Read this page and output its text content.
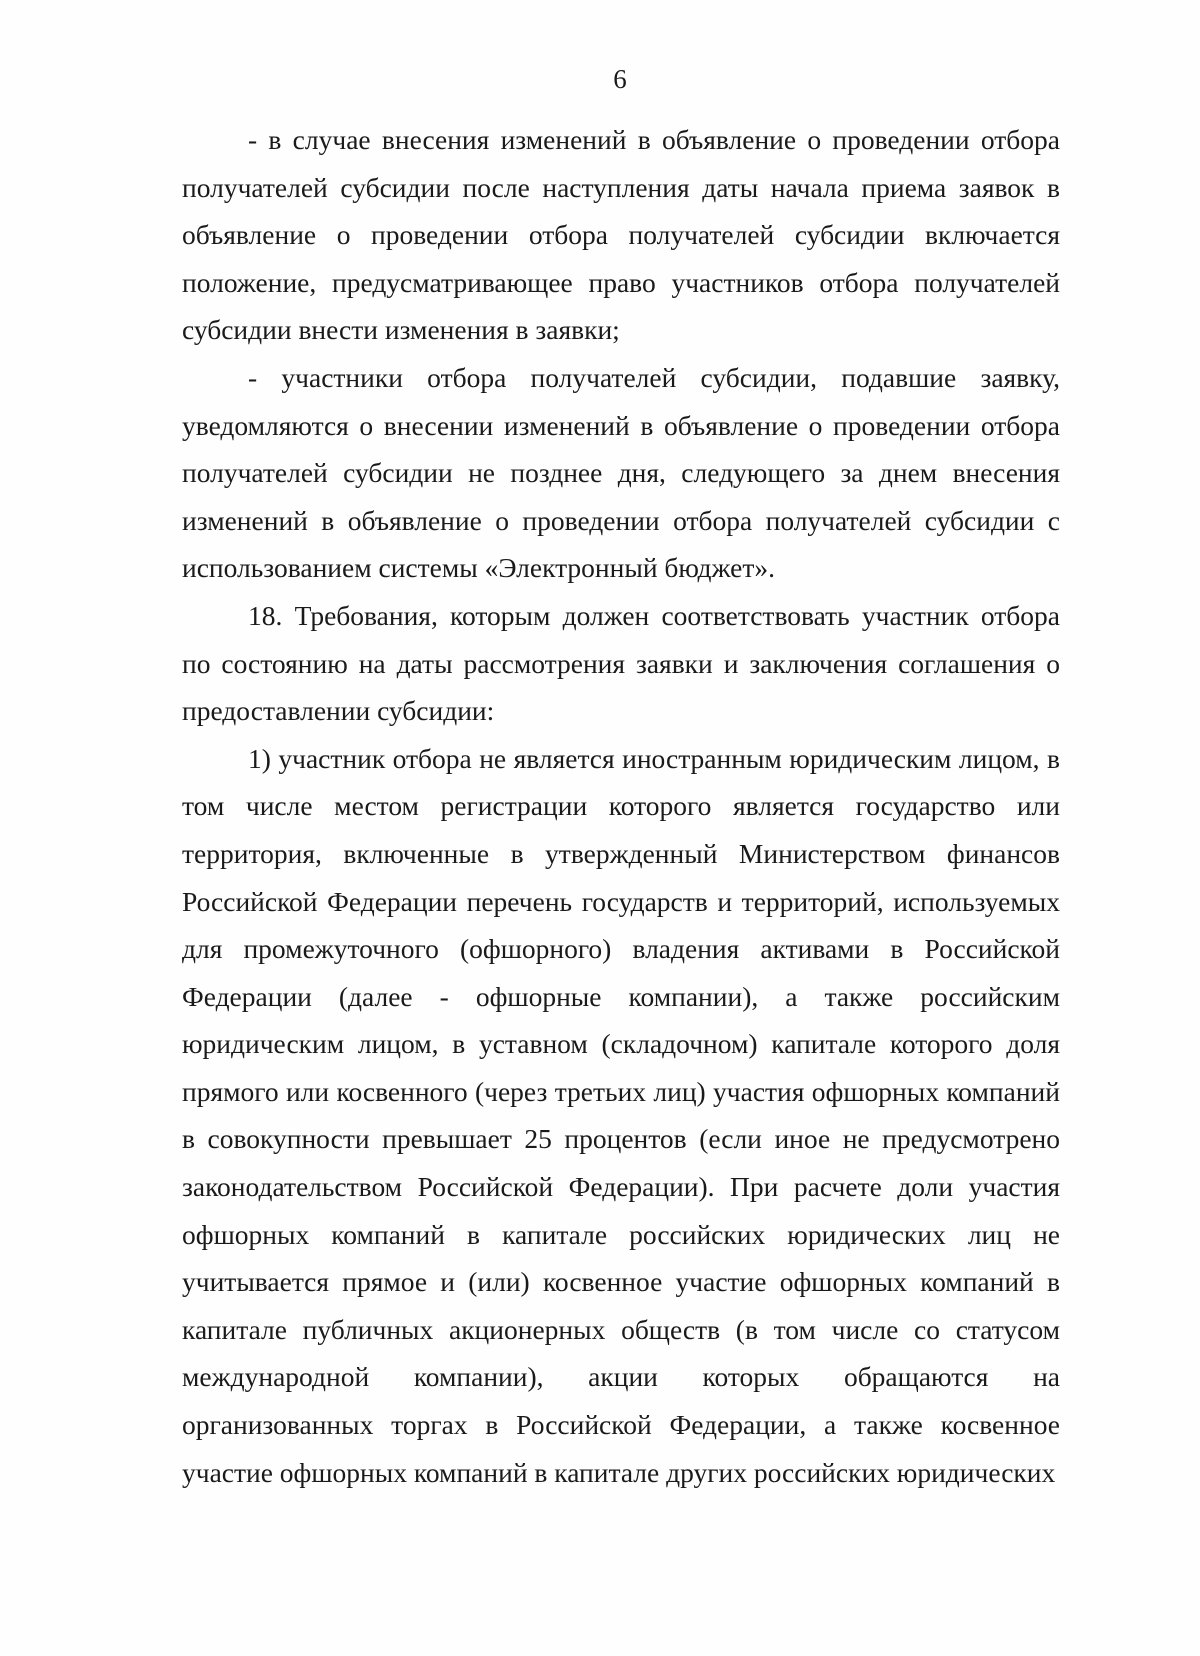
6

- в случае внесения изменений в объявление о проведении отбора получателей субсидии после наступления даты начала приема заявок в объявление о проведении отбора получателей субсидии включается положение, предусматривающее право участников отбора получателей субсидии внести изменения в заявки;

- участники отбора получателей субсидии, подавшие заявку, уведомляются о внесении изменений в объявление о проведении отбора получателей субсидии не позднее дня, следующего за днем внесения изменений в объявление о проведении отбора получателей субсидии с использованием системы «Электронный бюджет».

18. Требования, которым должен соответствовать участник отбора по состоянию на даты рассмотрения заявки и заключения соглашения о предоставлении субсидии:

1) участник отбора не является иностранным юридическим лицом, в том числе местом регистрации которого является государство или территория, включенные в утвержденный Министерством финансов Российской Федерации перечень государств и территорий, используемых для промежуточного (офшорного) владения активами в Российской Федерации (далее - офшорные компании), а также российским юридическим лицом, в уставном (складочном) капитале которого доля прямого или косвенного (через третьих лиц) участия офшорных компаний в совокупности превышает 25 процентов (если иное не предусмотрено законодательством Российской Федерации). При расчете доли участия офшорных компаний в капитале российских юридических лиц не учитывается прямое и (или) косвенное участие офшорных компаний в капитале публичных акционерных обществ (в том числе со статусом международной компании), акции которых обращаются на организованных торгах в Российской Федерации, а также косвенное участие офшорных компаний в капитале других российских юридических
